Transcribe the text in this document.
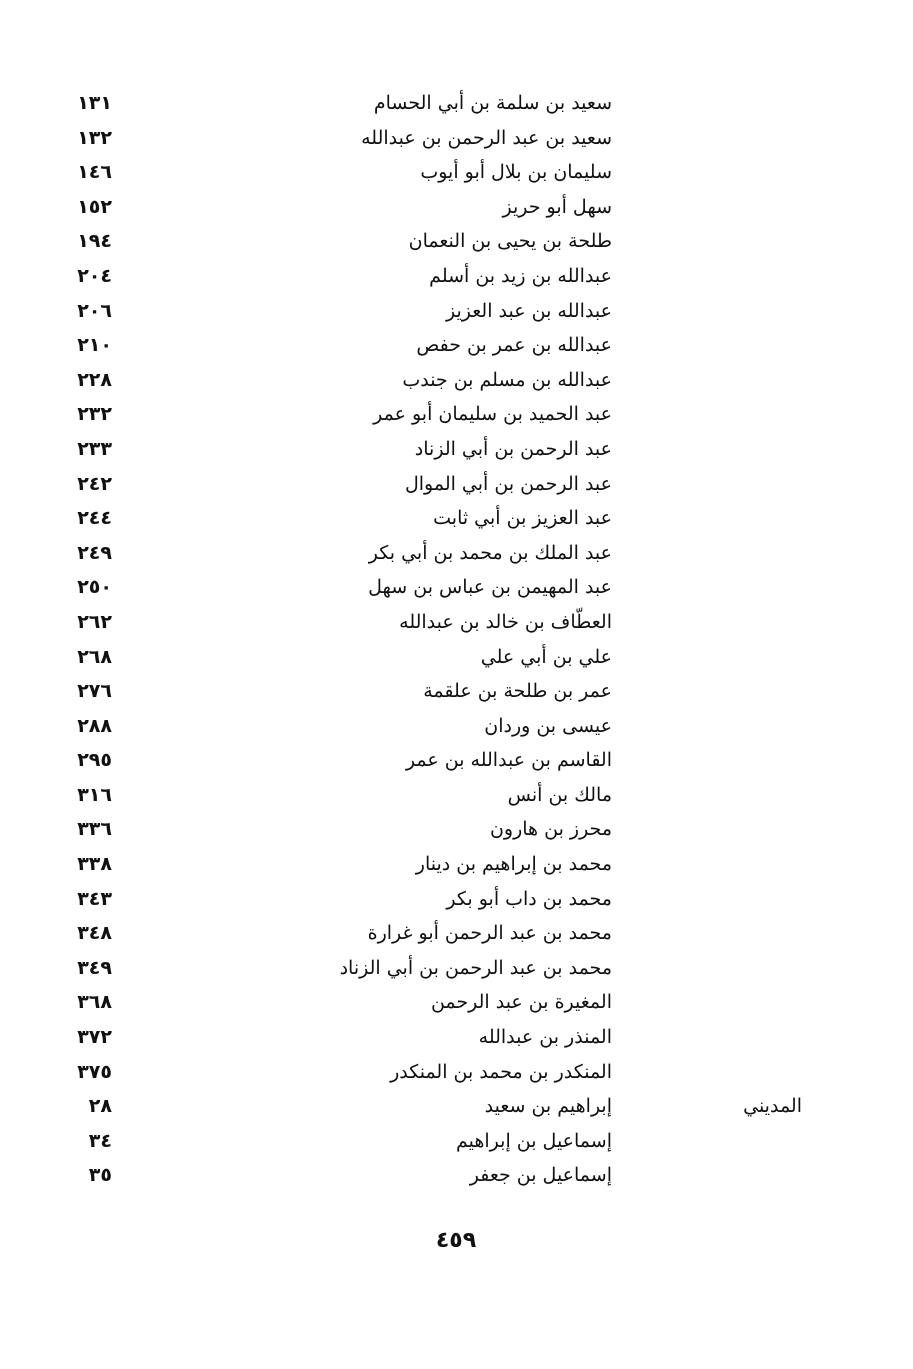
سعيد بن سلمة بن أبي الحسام
١٣١
سعيد بن عبد الرحمن بن عبدالله
١٣٢
سليمان بن بلال أبو أيوب
١٤٦
سهل أبو حريز
١٥٢
طلحة بن يحيى بن النعمان
١٩٤
عبدالله بن زيد بن أسلم
٢٠٤
عبدالله بن عبد العزيز
٢٠٦
عبدالله بن عمر بن حفص
٢١٠
عبدالله بن مسلم بن جندب
٢٢٨
عبد الحميد بن سليمان أبو عمر
٢٣٢
عبد الرحمن بن أبي الزناد
٢٣٣
عبد الرحمن بن أبي الموال
٢٤٢
عبد العزيز بن أبي ثابت
٢٤٤
عبد الملك بن محمد بن أبي بكر
٢٤٩
عبد المهيمن بن عباس بن سهل
٢٥٠
العطّاف بن خالد بن عبدالله
٢٦٢
علي بن أبي علي
٢٦٨
عمر بن طلحة بن علقمة
٢٧٦
عيسى بن وردان
٢٨٨
القاسم بن عبدالله بن عمر
٢٩٥
مالك بن أنس
٣١٦
محرز بن هارون
٣٣٦
محمد بن إبراهيم بن دينار
٣٣٨
محمد بن داب أبو بكر
٣٤٣
محمد بن عبد الرحمن أبو غرارة
٣٤٨
محمد بن عبد الرحمن بن أبي الزناد
٣٤٩
المغيرة بن عبد الرحمن
٣٦٨
المنذر بن عبدالله
٣٧٢
المنكدر بن محمد بن المنكدر
٣٧٥
المديني
إبراهيم بن سعيد
٢٨
إسماعيل بن إبراهيم
٣٤
إسماعيل بن جعفر
٣٥
٤٥٩
